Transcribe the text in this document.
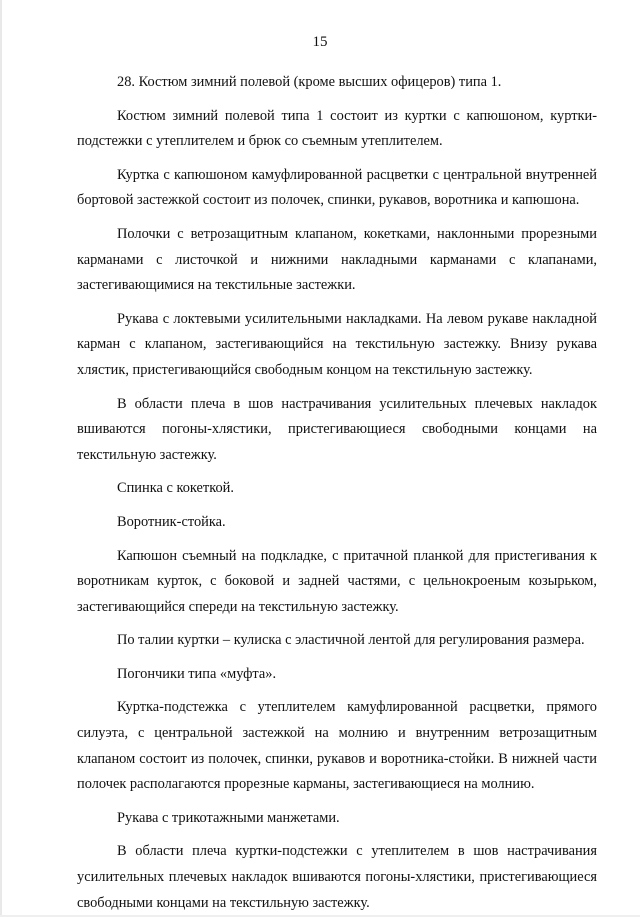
15

28. Костюм зимний полевой (кроме высших офицеров) типа 1.

Костюм зимний полевой типа 1 состоит из куртки с капюшоном, куртки-подстежки с утеплителем и брюк со съемным утеплителем.

Куртка с капюшоном камуфлированной расцветки с центральной внутренней бортовой застежкой состоит из полочек, спинки, рукавов, воротника и капюшона.

Полочки с ветрозащитным клапаном, кокетками, наклонными прорезными карманами с листочкой и нижними накладными карманами с клапанами, застегивающимися на текстильные застежки.

Рукава с локтевыми усилительными накладками. На левом рукаве накладной карман с клапаном, застегивающийся на текстильную застежку. Внизу рукава хлястик, пристегивающийся свободным концом на текстильную застежку.

В области плеча в шов настрачивания усилительных плечевых накладок вшиваются погоны-хлястики, пристегивающиеся свободными концами на текстильную застежку.

Спинка с кокеткой.

Воротник-стойка.

Капюшон съемный на подкладке, с притачной планкой для пристегивания к воротникам курток, с боковой и задней частями, с цельнокроеным козырьком, застегивающийся спереди на текстильную застежку.

По талии куртки – кулиска с эластичной лентой для регулирования размера.

Погончики типа «муфта».

Куртка-подстежка с утеплителем камуфлированной расцветки, прямого силуэта, с центральной застежкой на молнию и внутренним ветрозащитным клапаном состоит из полочек, спинки, рукавов и воротника-стойки. В нижней части полочек располагаются прорезные карманы, застегивающиеся на молнию.

Рукава с трикотажными манжетами.

В области плеча куртки-подстежки с утеплителем в шов настрачивания усилительных плечевых накладок вшиваются погоны-хлястики, пристегивающиеся свободными концами на текстильную застежку.
